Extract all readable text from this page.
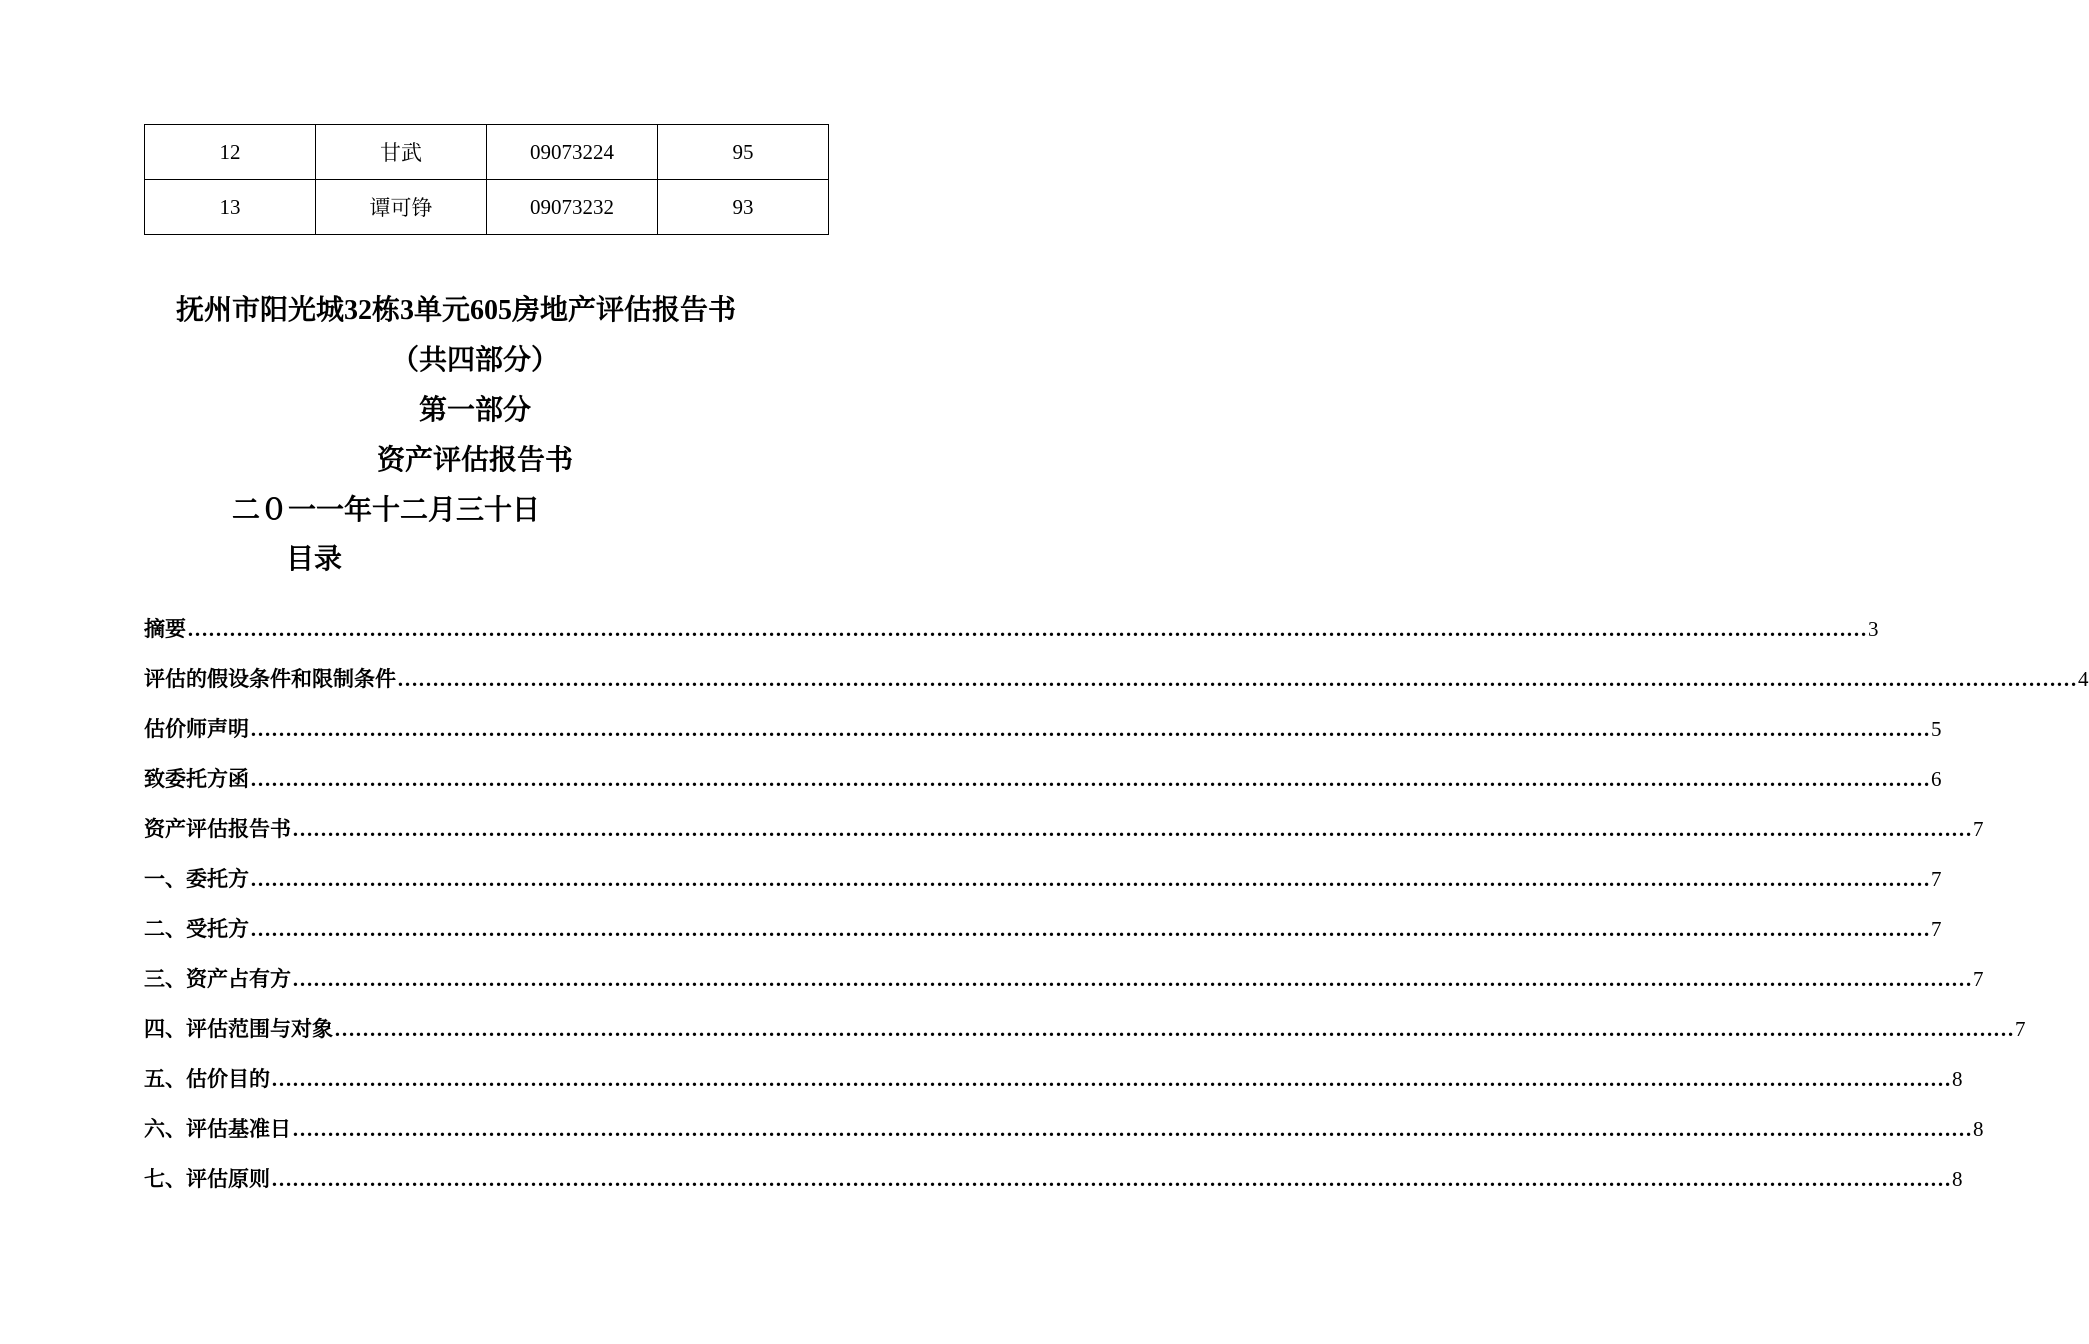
12	甘武	09073224	95
13	谭可铮	09073232	93
抚州市阳光城32栋3单元605房地产评估报告书
（共四部分）
第一部分
资产评估报告书
二０一一年十二月三十日
目录
摘要 …………………………………………………………………………………………………………………………………………………………………………………………………………………… 3
评估的假设条件和限制条件 …………………………………………………………………………………………………………………………………………………………………………………………………………………… 4
估价师声明 …………………………………………………………………………………………………………………………………………………………………………………………………………………… 5
致委托方函 …………………………………………………………………………………………………………………………………………………………………………………………………………………… 6
资产评估报告书 …………………………………………………………………………………………………………………………………………………………………………………………………………………… 7
一、委托方 …………………………………………………………………………………………………………………………………………………………………………………………………………………… 7
二、受托方 …………………………………………………………………………………………………………………………………………………………………………………………………………………… 7
三、资产占有方 …………………………………………………………………………………………………………………………………………………………………………………………………………………… 7
四、评估范围与对象 …………………………………………………………………………………………………………………………………………………………………………………………………………………… 7
五、估价目的 …………………………………………………………………………………………………………………………………………………………………………………………………………………… 8
六、评估基准日 …………………………………………………………………………………………………………………………………………………………………………………………………………………… 8
七、评估原则 …………………………………………………………………………………………………………………………………………………………………………………………………………………… 8
